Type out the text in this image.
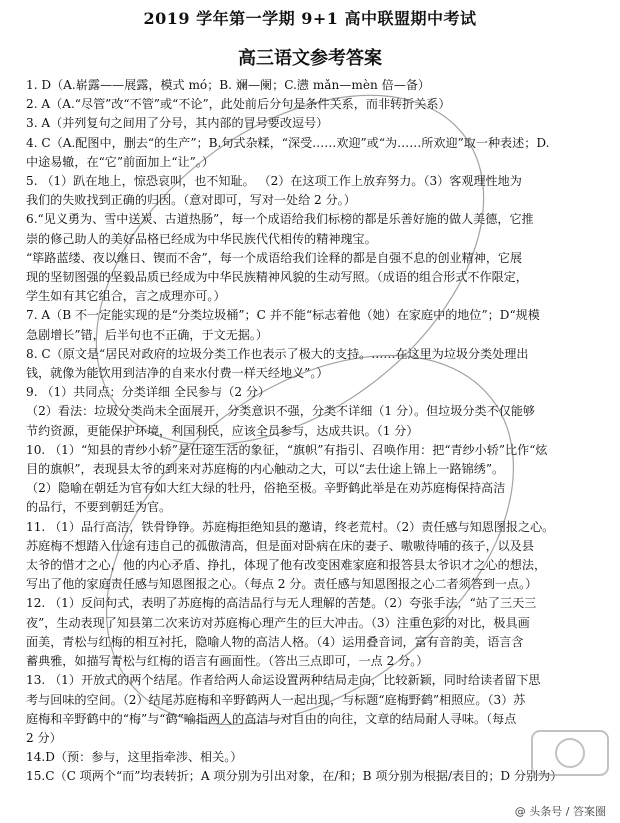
2019 学年第一学期 9+1 高中联盟期中考试
高三语文参考答案
1. D（A.崭露——展露，模式 mó；B. 斓—阑；C.懑 mǎn—mèn 倍—备）
2. A（A.“尽管”改“不管”或“不论”，此处前后分句是条件关系，而非转折关系）
3. A（并列复句之间用了分号，其内部的冒号要改逗号）
4. C（A.配图中，删去“的生产”；B.句式杂糅，“深受……欢迎”或“为……所欢迎”取一种表述；D.
中途易辙，在“它”前面加上“让”。）
5. （1）趴在地上，惊恐哀叫，也不知耻。 （2）在这项工作上放弃努力。（3）客观理性地为
我们的失败找到正确的归因。（意对即可，写对一处给 2 分。）
6.“见义勇为、雪中送炭、古道热肠”，每一个成语给我们标榜的都是乐善好施的做人美德，它推
崇的修己助人的美好品格已经成为中华民族代代相传的精神瑰宝。
“筚路蓝缕、夜以继日、锲而不舍”，每一个成语给我们诠释的都是自强不息的创业精神，它展
现的坚韧图强的坚毅品质已经成为中华民族精神风貌的生动写照。（成语的组合形式不作限定，
学生如有其它组合，言之成理亦可。）
7. A（B 不一定能实现的是“分类垃圾桶”；C 并不能“标志着他（她）在家庭中的地位”；D“规模
急剧增长”错，后半句也不正确，于文无据。）
8. C（原文是“居民对政府的垃圾分类工作也表示了极大的支持。……在这里为垃圾分类处理出
钱，就像为能饮用到洁净的自来水付费一样天经地义”。）
9. （1）共同点：分类详细 全民参与（2 分）
（2）看法：垃圾分类尚未全面展开，分类意识不强，分类不详细（1 分）。但垃圾分类不仅能够
节约资源，更能保护环境，利国利民，应该全员参与，达成共识。（1 分）
10. （1）“知县的青纱小轿”是仕途生活的象征，“旗帜”有指引、召唤作用：把“青纱小轿”比作“炫
目的旗帜”，表现县太爷的到来对苏庭梅的内心触动之大，可以“去仕途上锦上一路锦绣”。
（2）隐喻在朝廷为官有如大红大绿的牡丹，俗艳至极。辛野鹤此举是在劝苏庭梅保持高洁
的品行，不要到朝廷为官。
11. （1）品行高洁，铁骨铮铮。苏庭梅拒绝知县的邀请，终老荒村。（2）责任感与知恩图报之心。
苏庭梅不想踏入仕途有违自己的孤傲清高，但是面对卧病在床的妻子、嗷嗷待哺的孩子，以及县
太爷的惜才之心，他的内心矛盾、挣扎，体现了他有改变困难家庭和报答县太爷识才之心的想法，
写出了他的家庭责任感与知恩图报之心。（每点 2 分。责任感与知恩图报之心二者须答到一点。）
12. （1）反问句式，表明了苏庭梅的高洁品行与无人理解的苦楚。（2）夸张手法，“站了三天三
夜”，生动表现了知县第二次来访对苏庭梅心理产生的巨大冲击。（3）注重色彩的对比，极具画
面美，青松与红梅的相互衬托，隐喻人物的高洁人格。（4）运用叠音词，富有音韵美，语言含
蓄典雅，如描写青松与红梅的语言有画面性。（答出三点即可，一点 2 分。）
13. （1）开放式的两个结尾。作者给两人命运设置两种结局走向，比较新颖，同时给读者留下思
考与回味的空间。（2）结尾苏庭梅和辛野鹤两人一起出现，与标题“庭梅野鹤”相照应。（3）苏
庭梅和辛野鹤中的“梅”与“鹤”喻指两人的高洁与对自由的向往，文章的结局耐人寻味。（每点
2 分）
14.D（预：参与，这里指牵涉、相关。）
15.C（C 项两个“而”均表转折；A 项分别为引出对象，在/和；B 项分别为根据/表目的；D 分别为）
@ 头条号 / 答案圈
